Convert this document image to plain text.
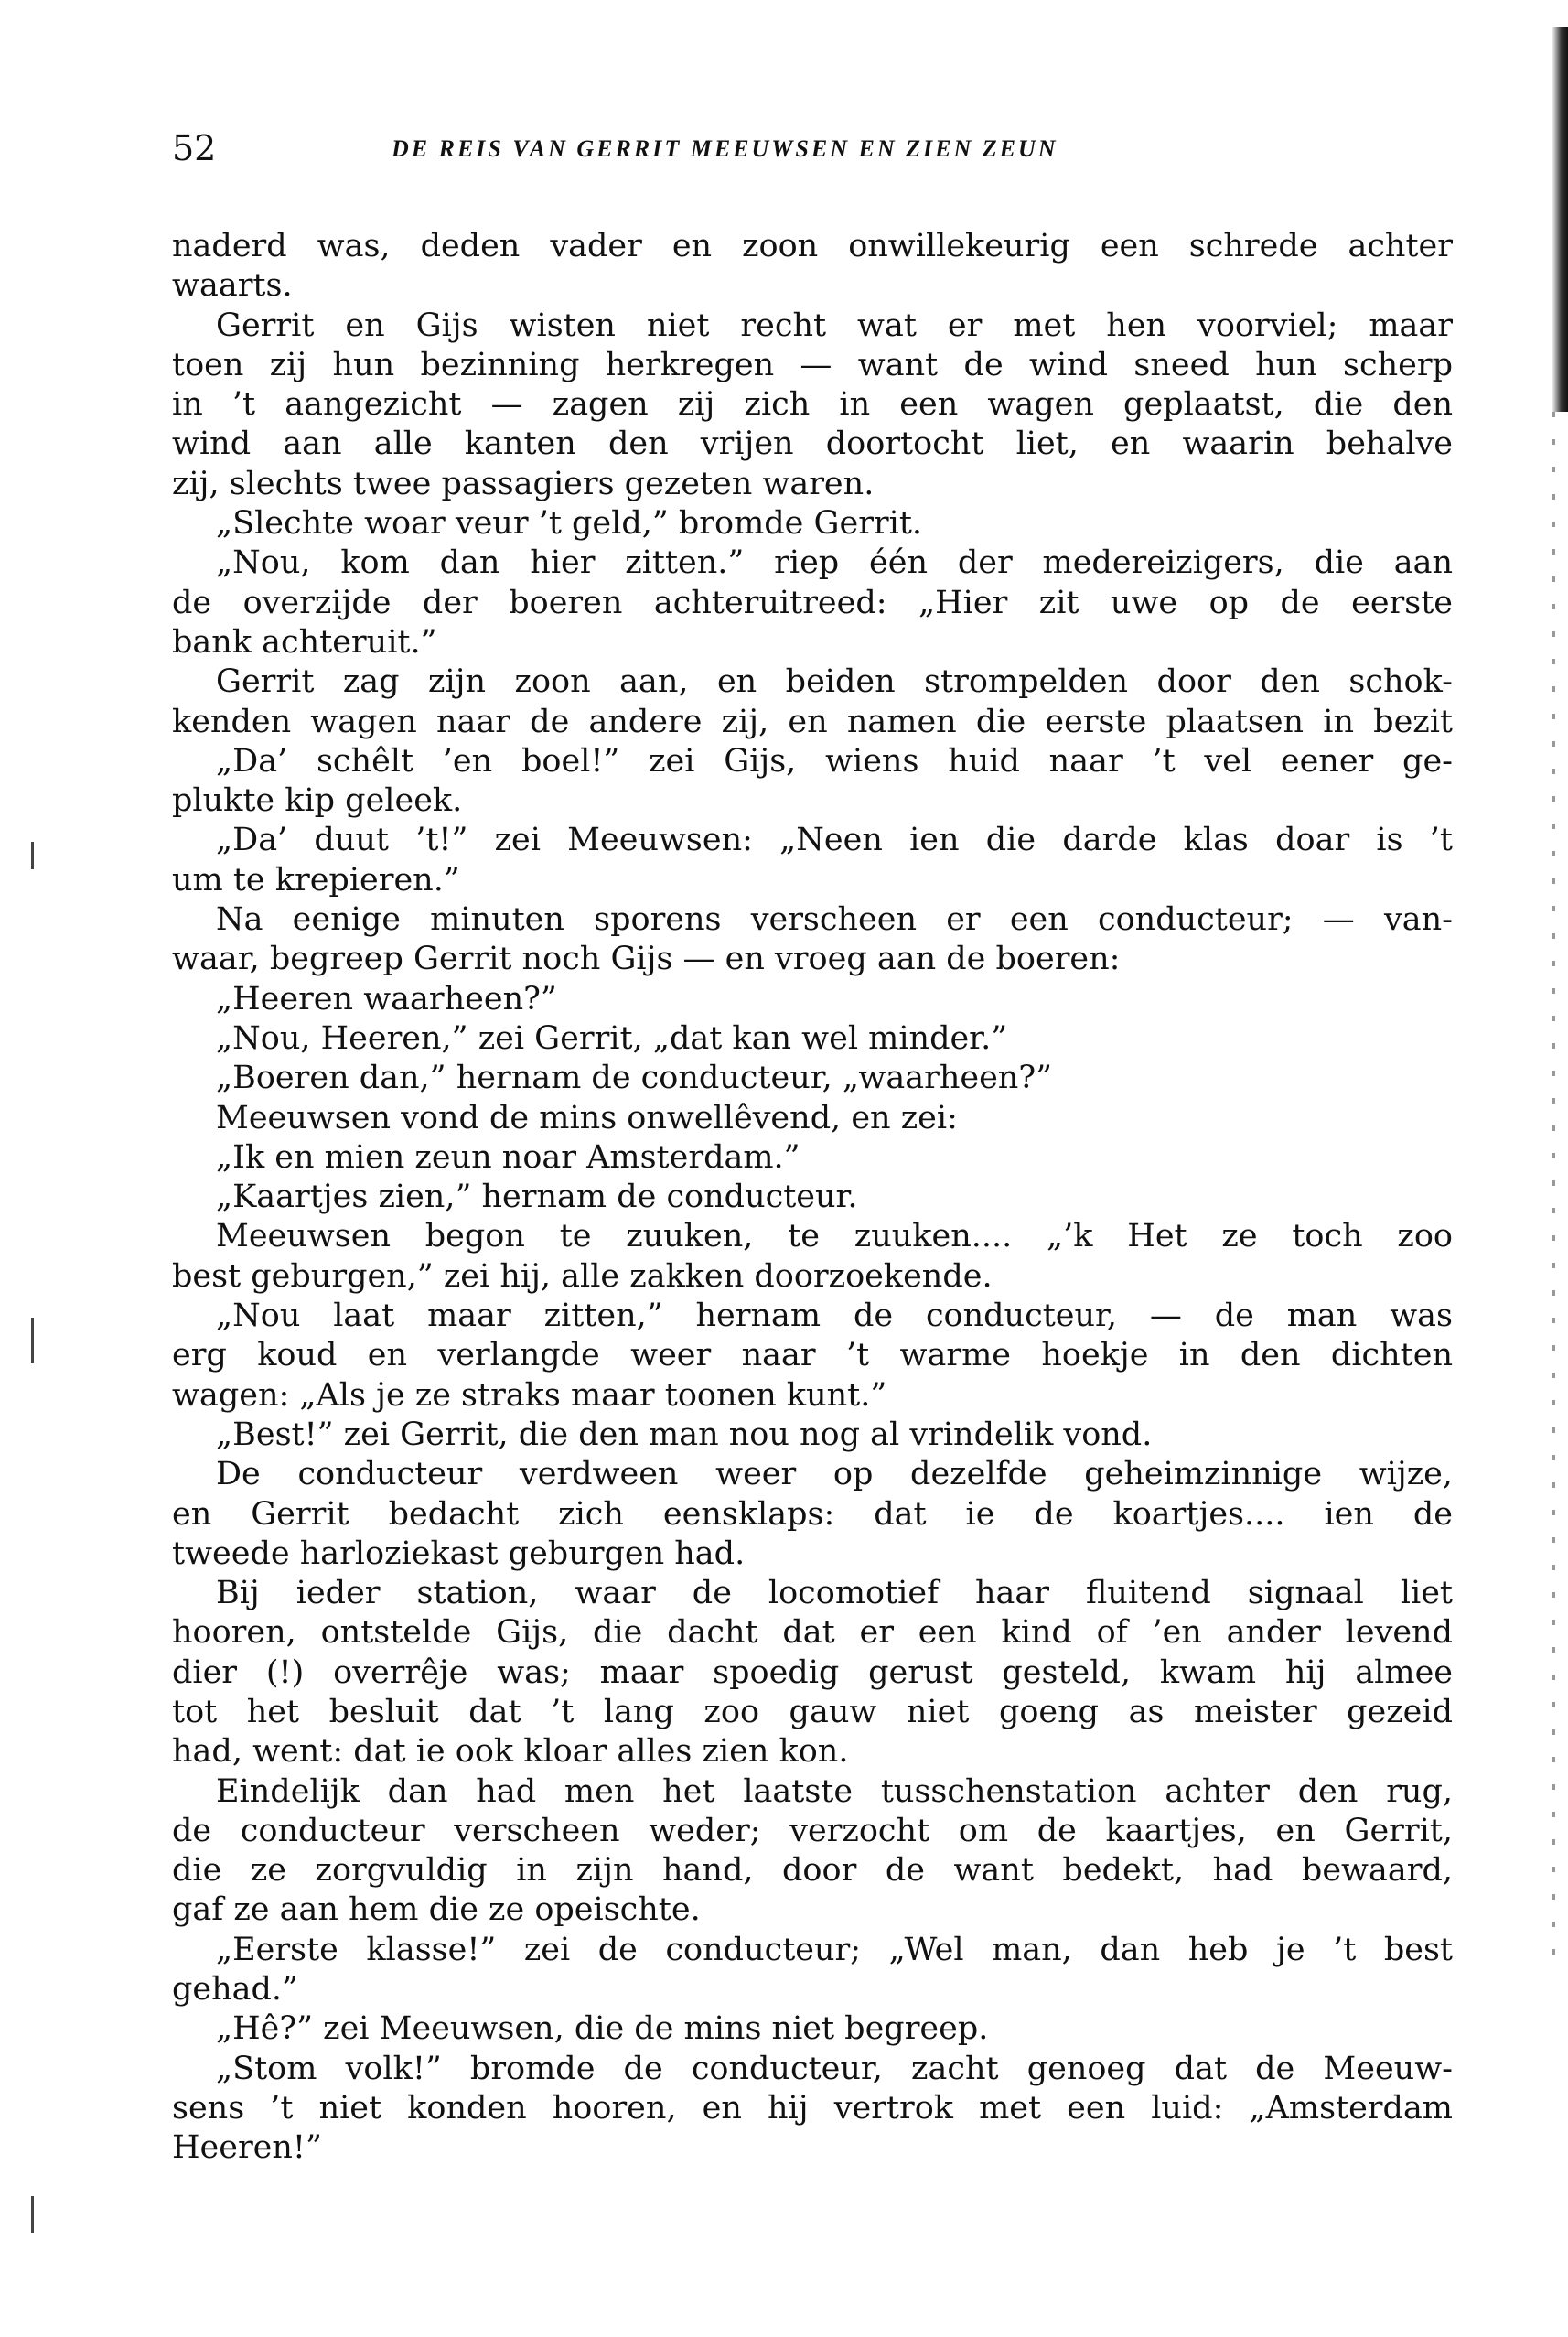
52	DE REIS VAN GERRIT MEEUWSEN EN ZIEN ZEUN
naderd was, deden vader en zoon onwillekeurig een schrede achter
waarts.
Gerrit en Gijs wisten niet recht wat er met hen voorviel; maar
toen zij hun bezinning herkregen — want de wind sneed hun scherp
in ’t aangezicht — zagen zij zich in een wagen geplaatst, die den
wind aan alle kanten den vrijen doortocht liet, en waarin behalve
zij, slechts twee passagiers gezeten waren.
„Slechte woar veur ’t geld,” bromde Gerrit.
„Nou, kom dan hier zitten.” riep één der medereizigers, die aan
de overzijde der boeren achteruitreed: „Hier zit uwe op de eerste
bank achteruit.”
Gerrit zag zijn zoon aan, en beiden strompelden door den schok-
kenden wagen naar de andere zij, en namen die eerste plaatsen in bezit
„Da’ schêlt ’en boel!” zei Gijs, wiens huid naar ’t vel eener ge-
plukte kip geleek.
„Da’ duut ’t!” zei Meeuwsen: „Neen ien die darde klas doar is ’t
um te krepieren.”
Na eenige minuten sporens verscheen er een conducteur; — van-
waar, begreep Gerrit noch Gijs — en vroeg aan de boeren:
„Heeren waarheen?”
„Nou, Heeren,” zei Gerrit, „dat kan wel minder.”
„Boeren dan,” hernam de conducteur, „waarheen?”
Meeuwsen vond de mins onwellêvend, en zei:
„Ik en mien zeun noar Amsterdam.”
„Kaartjes zien,” hernam de conducteur.
Meeuwsen begon te zuuken, te zuuken.... „’k Het ze toch zoo
best geburgen,” zei hij, alle zakken doorzoekende.
„Nou laat maar zitten,” hernam de conducteur, — de man was
erg koud en verlangde weer naar ’t warme hoekje in den dichten
wagen: „Als je ze straks maar toonen kunt.”
„Best!” zei Gerrit, die den man nou nog al vrindelik vond.
De conducteur verdween weer op dezelfde geheimzinnige wijze,
en Gerrit bedacht zich eensklaps: dat ie de koartjes.... ien de
tweede harloziekast geburgen had.
Bij ieder station, waar de locomotief haar fluitend signaal liet
hooren, ontstelde Gijs, die dacht dat er een kind of ’en ander levend
dier (!) overrêje was; maar spoedig gerust gesteld, kwam hij almee
tot het besluit dat ’t lang zoo gauw niet goeng as meister gezeid
had, went: dat ie ook kloar alles zien kon.
Eindelijk dan had men het laatste tusschenstation achter den rug,
de conducteur verscheen weder; verzocht om de kaartjes, en Gerrit,
die ze zorgvuldig in zijn hand, door de want bedekt, had bewaard,
gaf ze aan hem die ze opeischte.
„Eerste klasse!” zei de conducteur; „Wel man, dan heb je ’t best
gehad.”
„Hê?” zei Meeuwsen, die de mins niet begreep.
„Stom volk!” bromde de conducteur, zacht genoeg dat de Meeuw-
sens ’t niet konden hooren, en hij vertrok met een luid: „Amsterdam
Heeren!”
